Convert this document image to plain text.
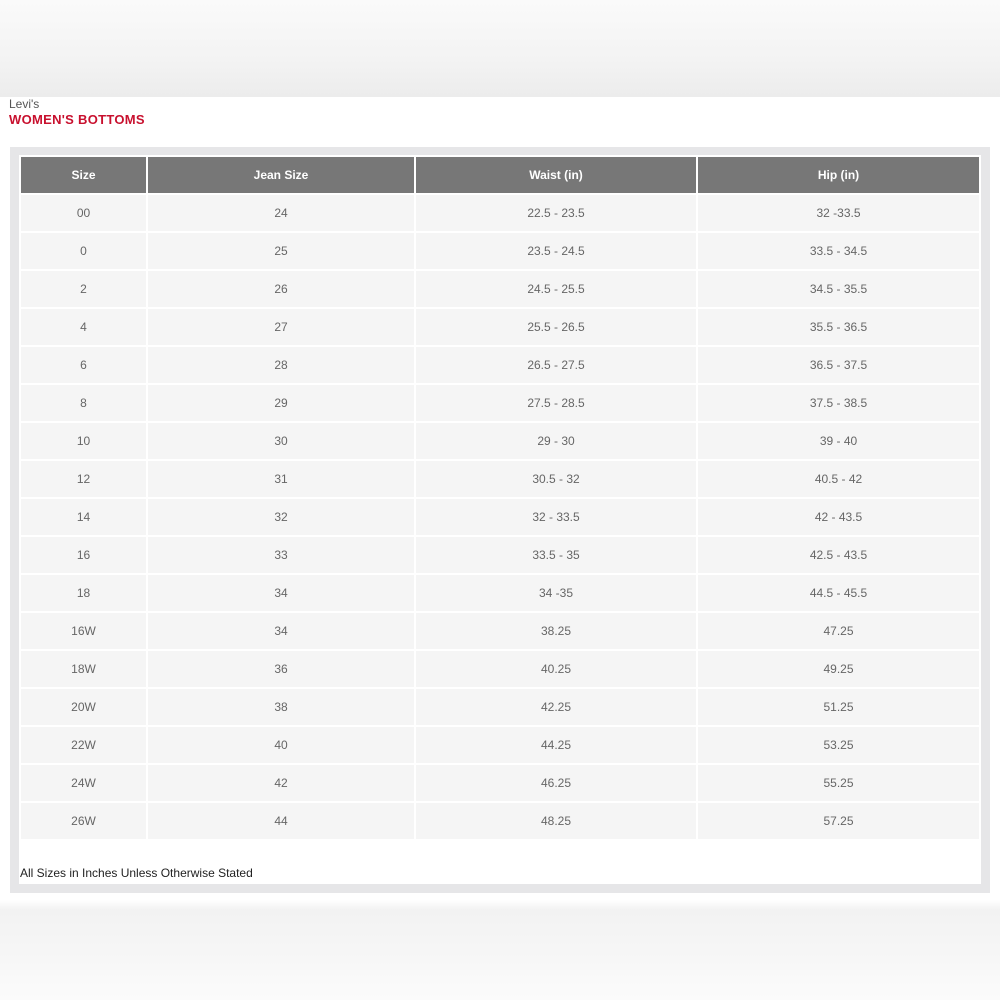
Levi's
WOMEN'S BOTTOMS
Size	Jean Size	Waist (in)	Hip (in)
00	24	22.5 - 23.5	32 -33.5
0	25	23.5 - 24.5	33.5 - 34.5
2	26	24.5 - 25.5	34.5 - 35.5
4	27	25.5 - 26.5	35.5 - 36.5
6	28	26.5 - 27.5	36.5 - 37.5
8	29	27.5 - 28.5	37.5 - 38.5
10	30	29 - 30	39 - 40
12	31	30.5 - 32	40.5 - 42
14	32	32 - 33.5	42 - 43.5
16	33	33.5 - 35	42.5 - 43.5
18	34	34 -35	44.5 - 45.5
16W	34	38.25	47.25
18W	36	40.25	49.25
20W	38	42.25	51.25
22W	40	44.25	53.25
24W	42	46.25	55.25
26W	44	48.25	57.25
All Sizes in Inches Unless Otherwise Stated
